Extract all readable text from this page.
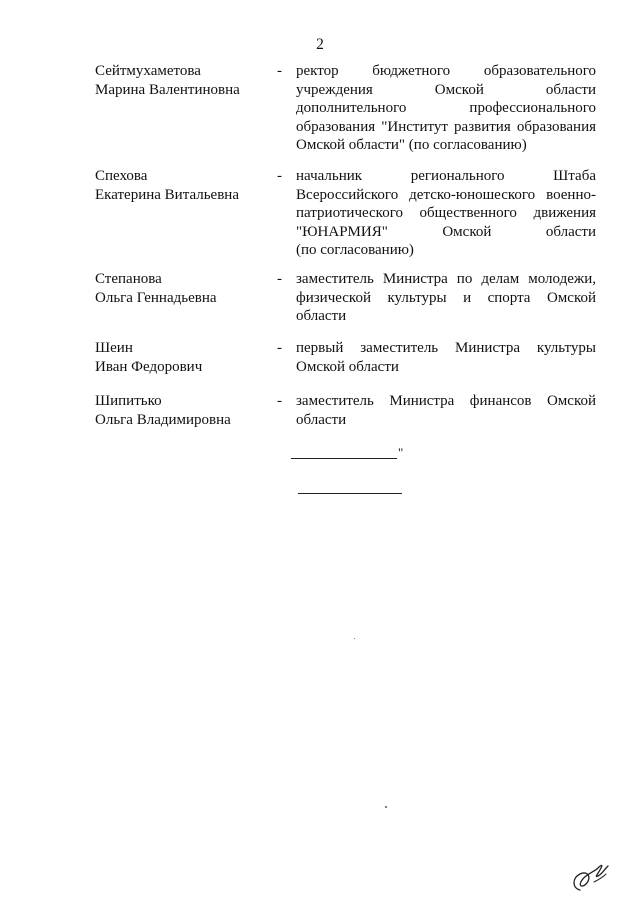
2
Сейтмухаметова
Марина Валентиновна
- ректор бюджетного образовательного
учреждения Омской области
дополнительного профессионального
образования "Институт развития образования
Омской области" (по согласованию)
Спехова
Екатерина Витальевна
- начальник регионального Штаба
Всероссийского детско-юношеского военно-
патриотического общественного движения
"ЮНАРМИЯ" Омской области
(по согласованию)
Степанова
Ольга Геннадьевна
- заместитель Министра по делам молодежи,
физической культуры и спорта Омской
области
Шеин
Иван Федорович
- первый заместитель Министра культуры
Омской области
Шипитько
Ольга Владимировна
- заместитель Министра финансов Омской
области
"
